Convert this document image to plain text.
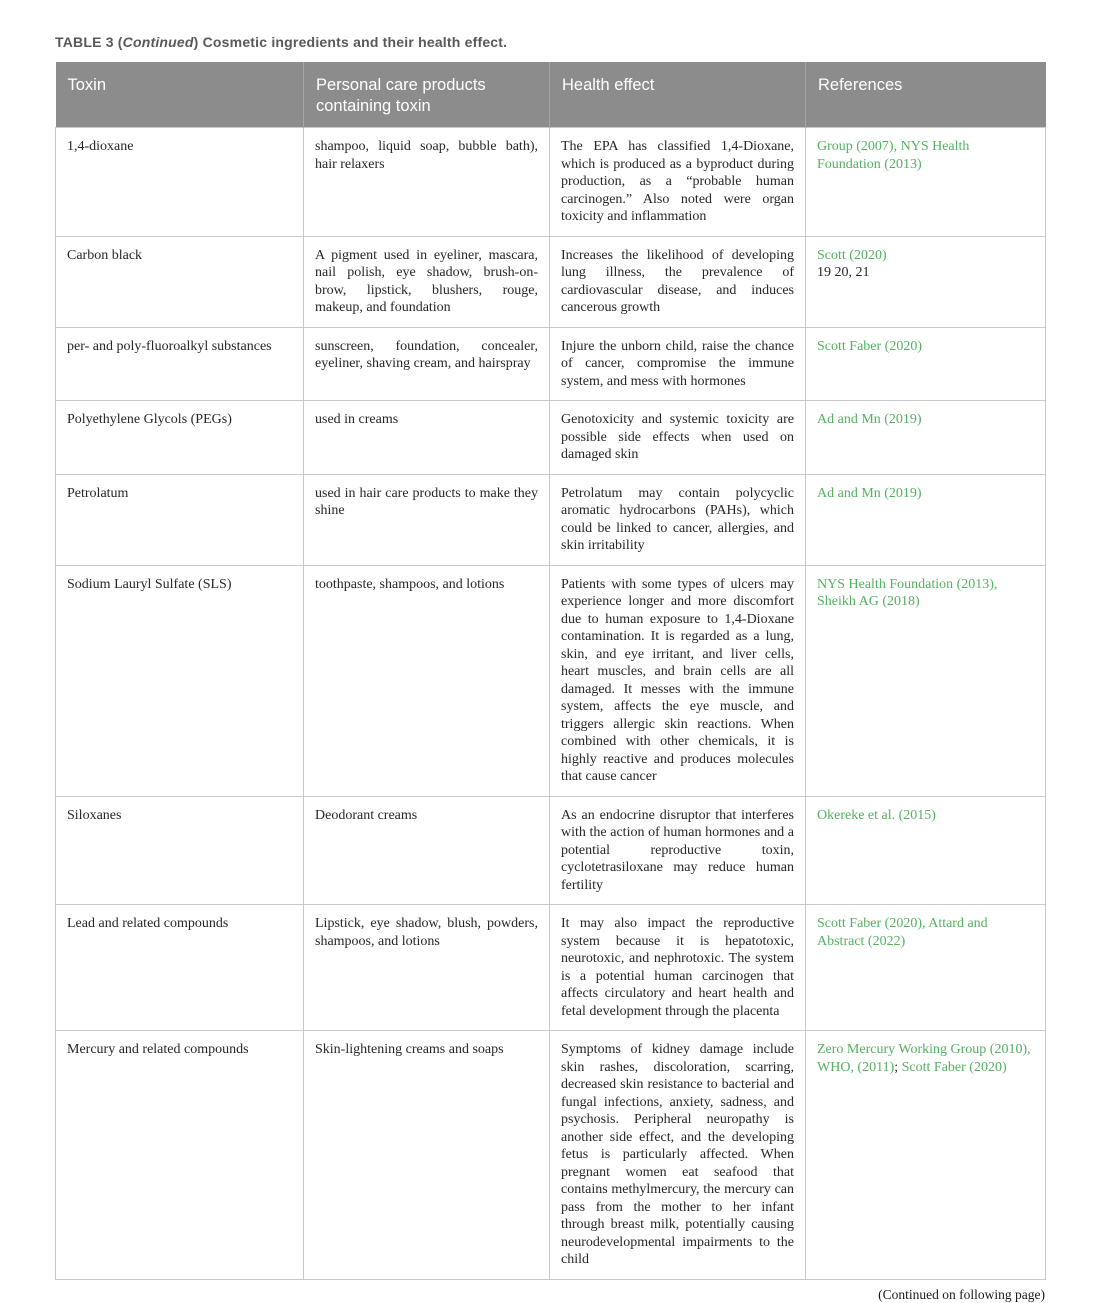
TABLE 3 (Continued) Cosmetic ingredients and their health effect.
Toxin	Personal care products containing toxin	Health effect	References
1,4-dioxane	shampoo, liquid soap, bubble bath), hair relaxers	The EPA has classified 1,4-Dioxane, which is produced as a byproduct during production, as a “probable human carcinogen.” Also noted were organ toxicity and inflammation	Group (2007), NYS Health Foundation (2013)
Carbon black	A pigment used in eyeliner, mascara, nail polish, eye shadow, brush-on-brow, lipstick, blushers, rouge, makeup, and foundation	Increases the likelihood of developing lung illness, the prevalence of cardiovascular disease, and induces cancerous growth	Scott (2020)
19 20, 21
per- and poly-fluoroalkyl substances	sunscreen, foundation, concealer, eyeliner, shaving cream, and hairspray	Injure the unborn child, raise the chance of cancer, compromise the immune system, and mess with hormones	Scott Faber (2020)
Polyethylene Glycols (PEGs)	used in creams	Genotoxicity and systemic toxicity are possible side effects when used on damaged skin	Ad and Mn (2019)
Petrolatum	used in hair care products to make they shine	Petrolatum may contain polycyclic aromatic hydrocarbons (PAHs), which could be linked to cancer, allergies, and skin irritability	Ad and Mn (2019)
Sodium Lauryl Sulfate (SLS)	toothpaste, shampoos, and lotions	Patients with some types of ulcers may experience longer and more discomfort due to human exposure to 1,4-Dioxane contamination. It is regarded as a lung, skin, and eye irritant, and liver cells, heart muscles, and brain cells are all damaged. It messes with the immune system, affects the eye muscle, and triggers allergic skin reactions. When combined with other chemicals, it is highly reactive and produces molecules that cause cancer	NYS Health Foundation (2013), Sheikh AG (2018)
Siloxanes	Deodorant creams	As an endocrine disruptor that interferes with the action of human hormones and a potential reproductive toxin, cyclotetrasiloxane may reduce human fertility	Okereke et al. (2015)
Lead and related compounds	Lipstick, eye shadow, blush, powders, shampoos, and lotions	It may also impact the reproductive system because it is hepatotoxic, neurotoxic, and nephrotoxic. The system is a potential human carcinogen that affects circulatory and heart health and fetal development through the placenta	Scott Faber (2020), Attard and Abstract (2022)
Mercury and related compounds	Skin-lightening creams and soaps	Symptoms of kidney damage include skin rashes, discoloration, scarring, decreased skin resistance to bacterial and fungal infections, anxiety, sadness, and psychosis. Peripheral neuropathy is another side effect, and the developing fetus is particularly affected. When pregnant women eat seafood that contains methylmercury, the mercury can pass from the mother to her infant through breast milk, potentially causing neurodevelopmental impairments to the child	Zero Mercury Working Group (2010), WHO, (2011); Scott Faber (2020)
(Continued on following page)
